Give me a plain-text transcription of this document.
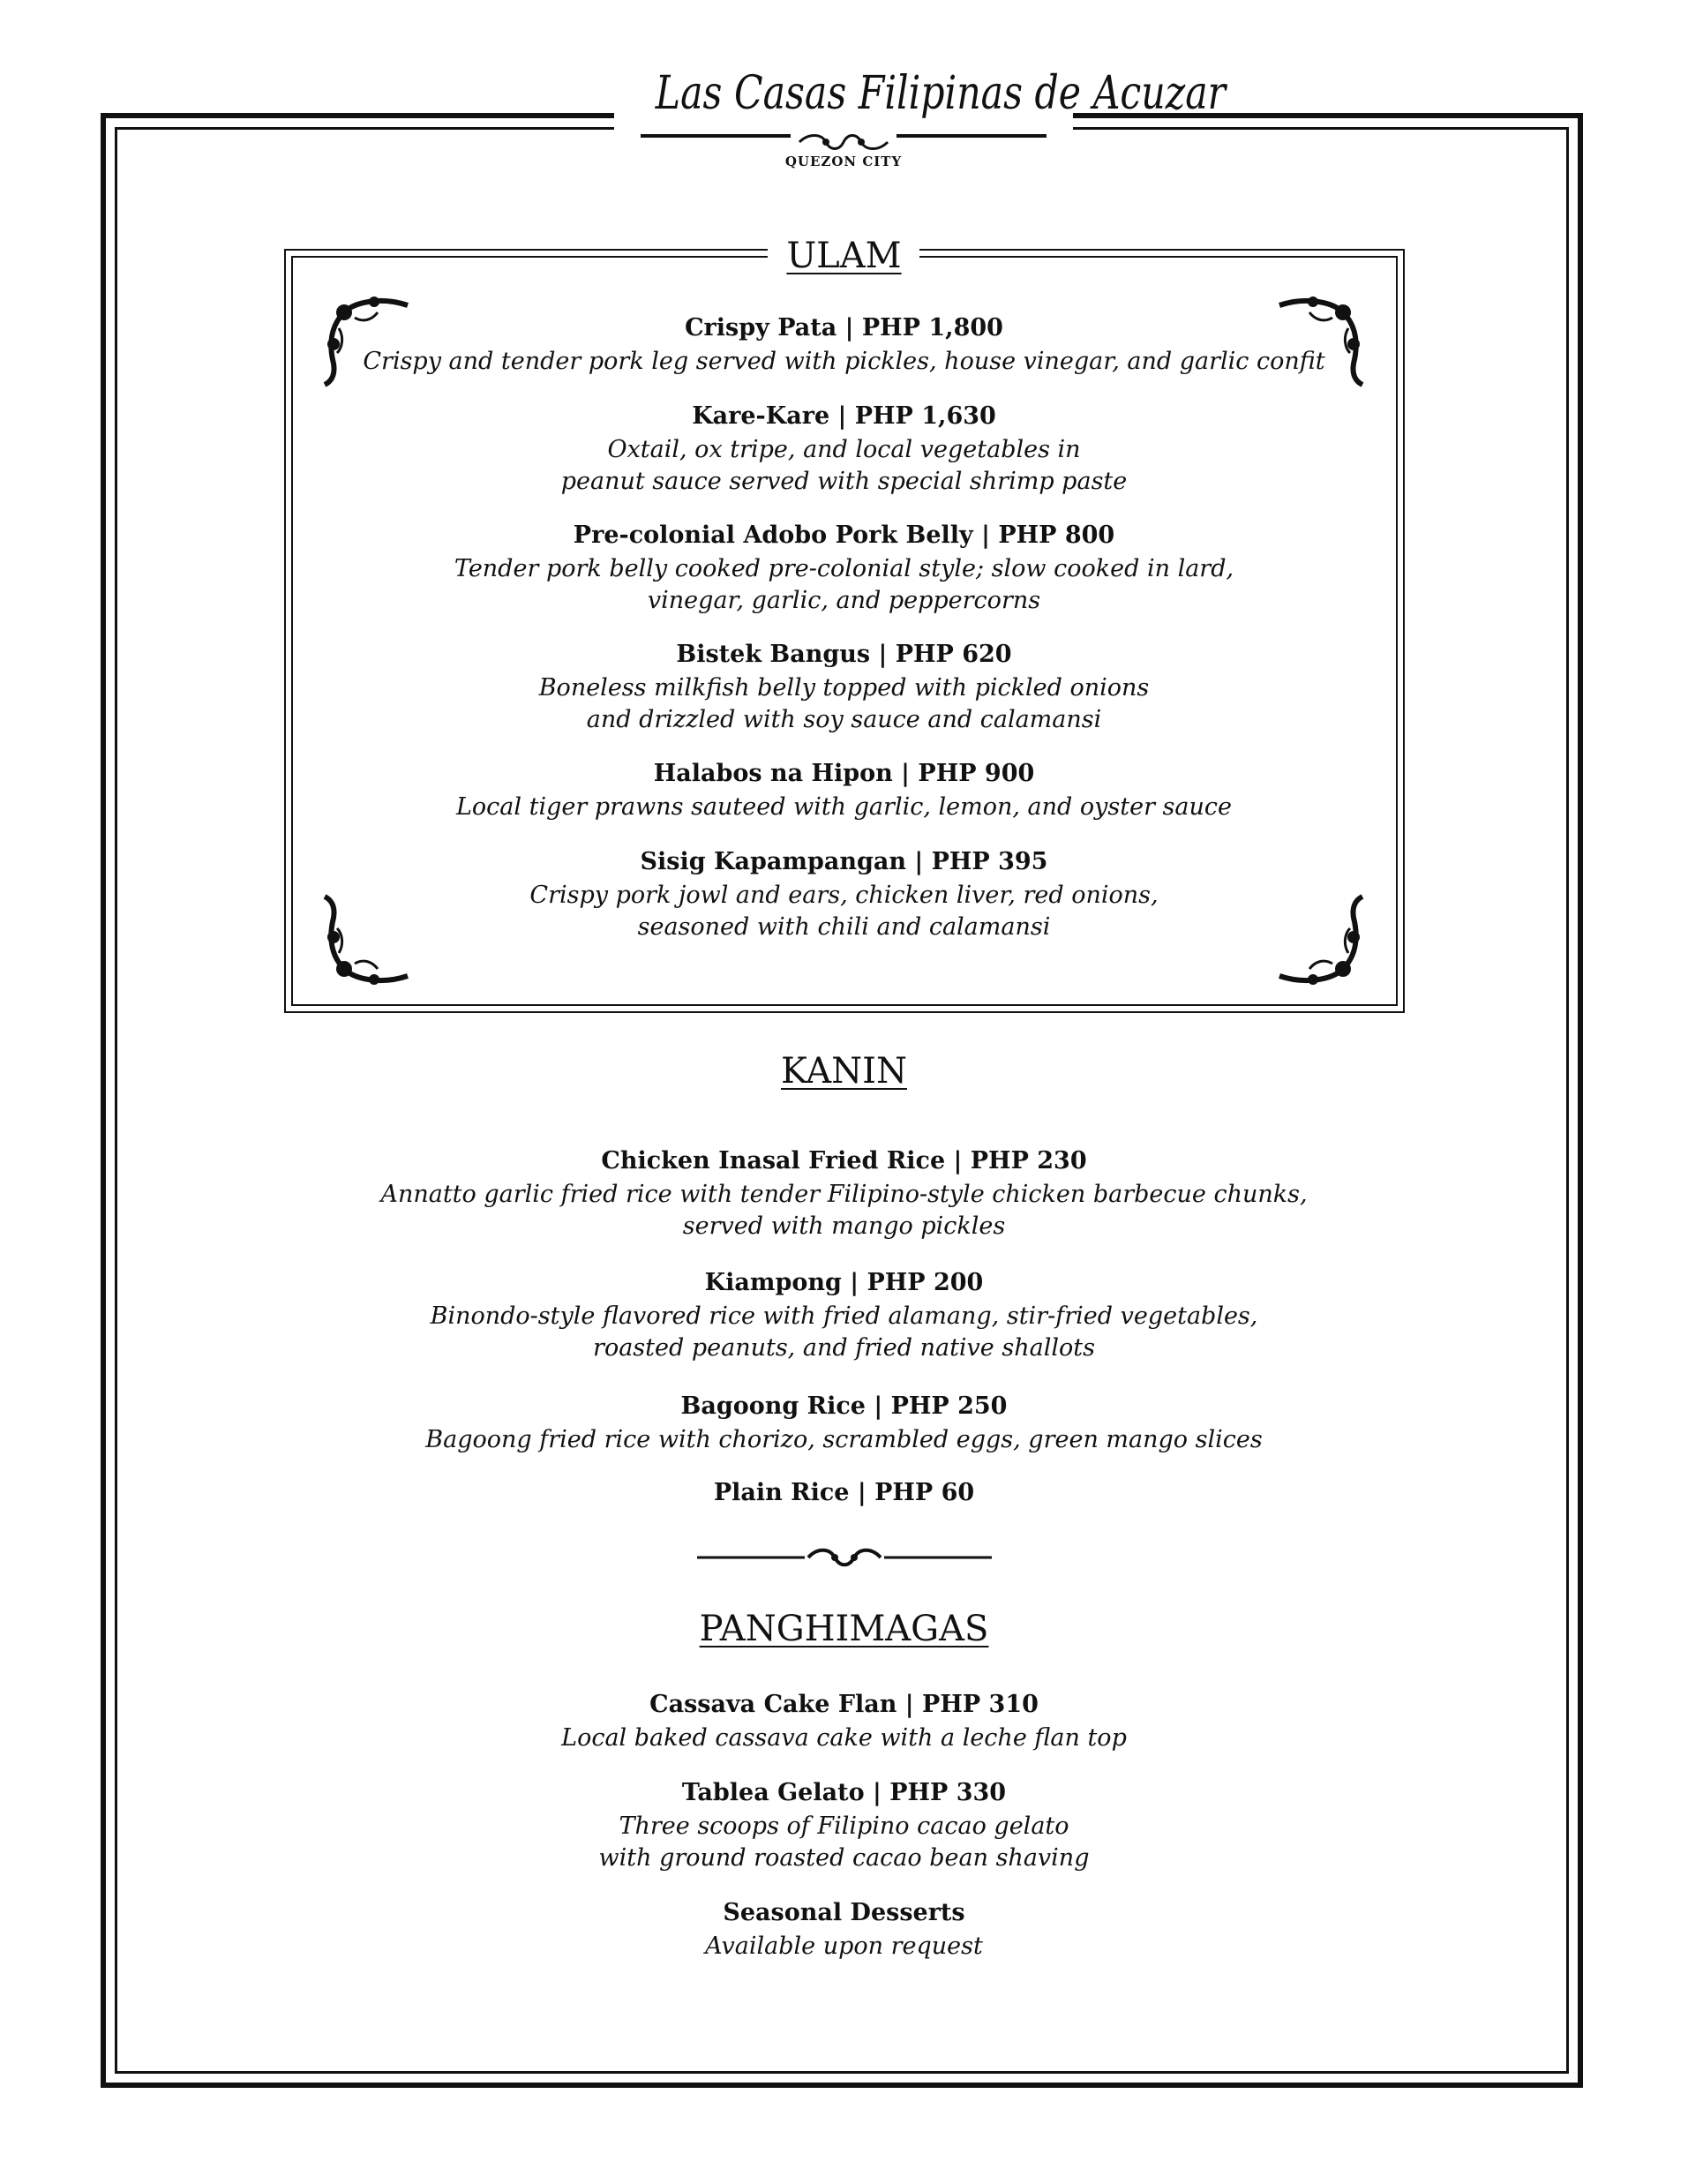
Las Casas Filipinas de Acuzar
QUEZON CITY
ULAM
Crispy Pata | PHP 1,800
Crispy and tender pork leg served with pickles, house vinegar, and garlic confit
Kare-Kare | PHP 1,630
Oxtail, ox tripe, and local vegetables in
peanut sauce served with special shrimp paste
Pre-colonial Adobo Pork Belly | PHP 800
Tender pork belly cooked pre-colonial style; slow cooked in lard,
vinegar, garlic, and peppercorns
Bistek Bangus | PHP 620
Boneless milkfish belly topped with pickled onions
and drizzled with soy sauce and calamansi
Halabos na Hipon | PHP 900
Local tiger prawns sauteed with garlic, lemon, and oyster sauce
Sisig Kapampangan | PHP 395
Crispy pork jowl and ears, chicken liver, red onions,
seasoned with chili and calamansi
KANIN
Chicken Inasal Fried Rice | PHP 230
Annatto garlic fried rice with tender Filipino-style chicken barbecue chunks,
served with mango pickles
Kiampong | PHP 200
Binondo-style flavored rice with fried alamang, stir-fried vegetables,
roasted peanuts, and fried native shallots
Bagoong Rice | PHP 250
Bagoong fried rice with chorizo, scrambled eggs, green mango slices
Plain Rice | PHP 60
PANGHIMAGAS
Cassava Cake Flan | PHP 310
Local baked cassava cake with a leche flan top
Tablea Gelato | PHP 330
Three scoops of Filipino cacao gelato
with ground roasted cacao bean shaving
Seasonal Desserts
Available upon request
